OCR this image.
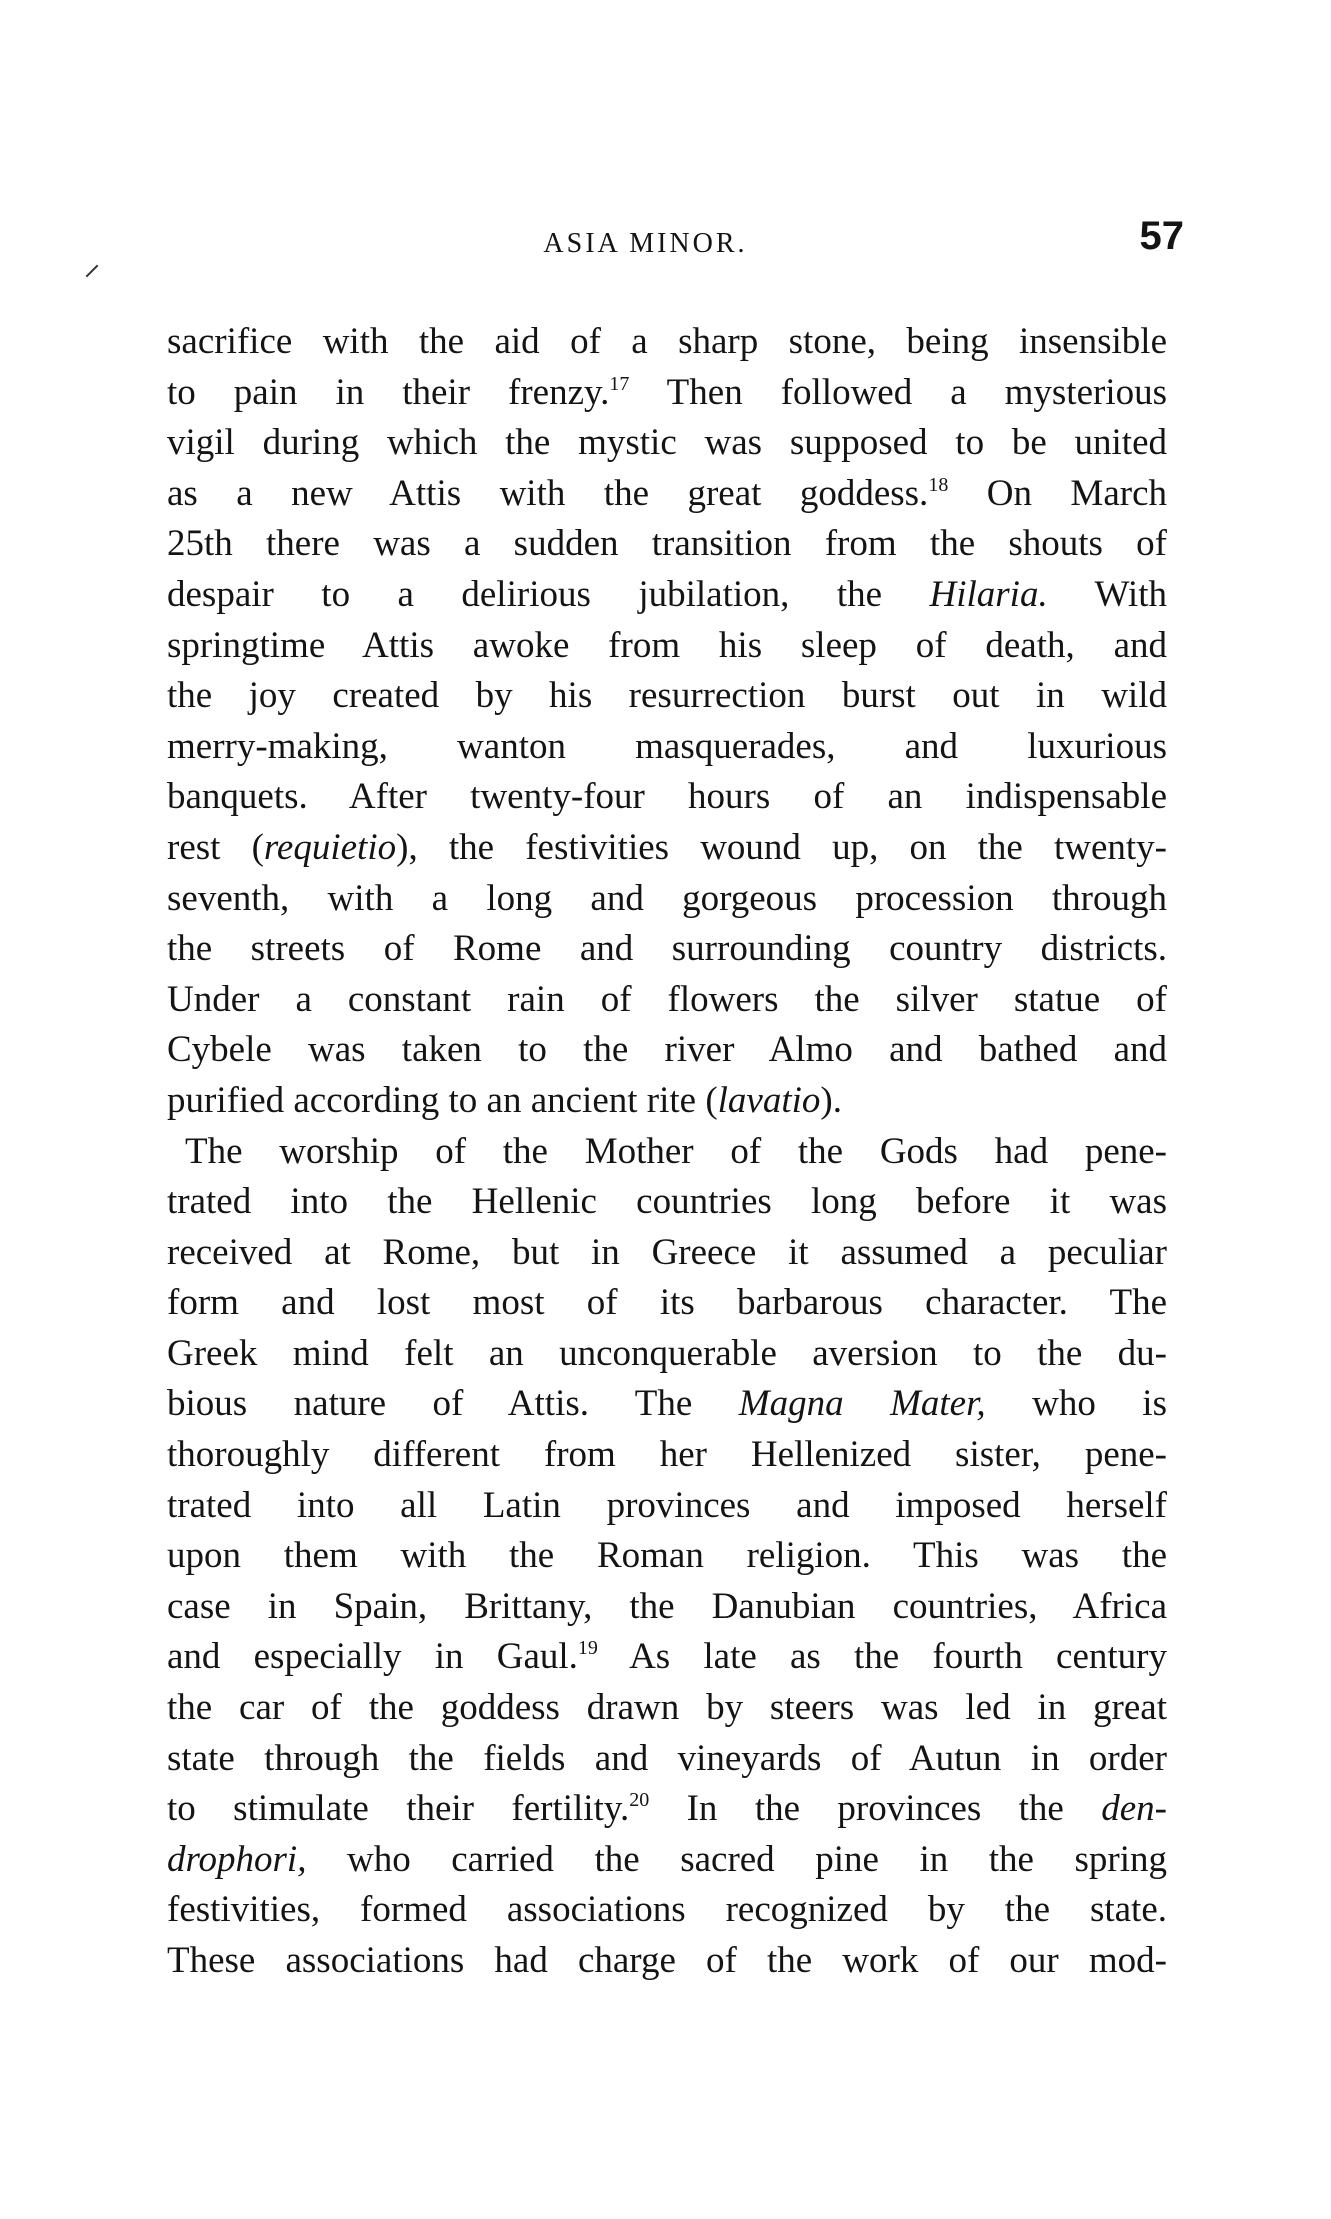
ASIA MINOR.	57
sacrifice with the aid of a sharp stone, being insensible
to pain in their frenzy.$^{17}$ Then followed a mysterious
vigil during which the mystic was supposed to be united
as a new Attis with the great goddess.$^{18}$ On March
25th there was a sudden transition from the shouts of
despair to a delirious jubilation, the Hilaria. With
springtime Attis awoke from his sleep of death, and
the joy created by his resurrection burst out in wild
merry-making, wanton masquerades, and luxurious
banquets. After twenty-four hours of an indispensable
rest (requietio), the festivities wound up, on the twenty-
seventh, with a long and gorgeous procession through
the streets of Rome and surrounding country districts.
Under a constant rain of flowers the silver statue of
Cybele was taken to the river Almo and bathed and
purified according to an ancient rite (lavatio).
The worship of the Mother of the Gods had pene-
trated into the Hellenic countries long before it was
received at Rome, but in Greece it assumed a peculiar
form and lost most of its barbarous character. The
Greek mind felt an unconquerable aversion to the du-
bious nature of Attis. The Magna Mater, who is
thoroughly different from her Hellenized sister, pene-
trated into all Latin provinces and imposed herself
upon them with the Roman religion. This was the
case in Spain, Brittany, the Danubian countries, Africa
and especially in Gaul.$^{19}$ As late as the fourth century
the car of the goddess drawn by steers was led in great
state through the fields and vineyards of Autun in order
to stimulate their fertility.$^{20}$ In the provinces the den-
drophori, who carried the sacred pine in the spring
festivities, formed associations recognized by the state.
These associations had charge of the work of our mod-
